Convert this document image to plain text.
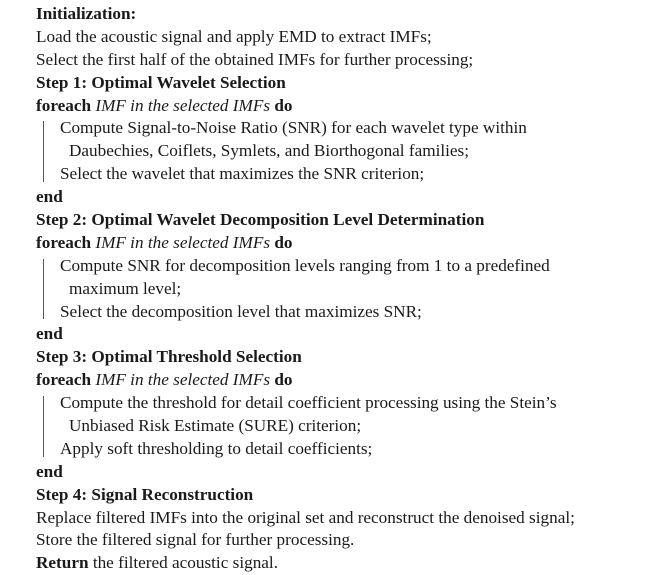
Initialization:
Load the acoustic signal and apply EMD to extract IMFs;
Select the first half of the obtained IMFs for further processing;
Step 1: Optimal Wavelet Selection
foreach IMF in the selected IMFs do
Compute Signal-to-Noise Ratio (SNR) for each wavelet type within
Daubechies, Coiflets, Symlets, and Biorthogonal families;
Select the wavelet that maximizes the SNR criterion;
end
Step 2: Optimal Wavelet Decomposition Level Determination
foreach IMF in the selected IMFs do
Compute SNR for decomposition levels ranging from 1 to a predefined
maximum level;
Select the decomposition level that maximizes SNR;
end
Step 3: Optimal Threshold Selection
foreach IMF in the selected IMFs do
Compute the threshold for detail coefficient processing using the Stein’s
Unbiased Risk Estimate (SURE) criterion;
Apply soft thresholding to detail coefficients;
end
Step 4: Signal Reconstruction
Replace filtered IMFs into the original set and reconstruct the denoised signal;
Store the filtered signal for further processing.
Return the filtered acoustic signal.
